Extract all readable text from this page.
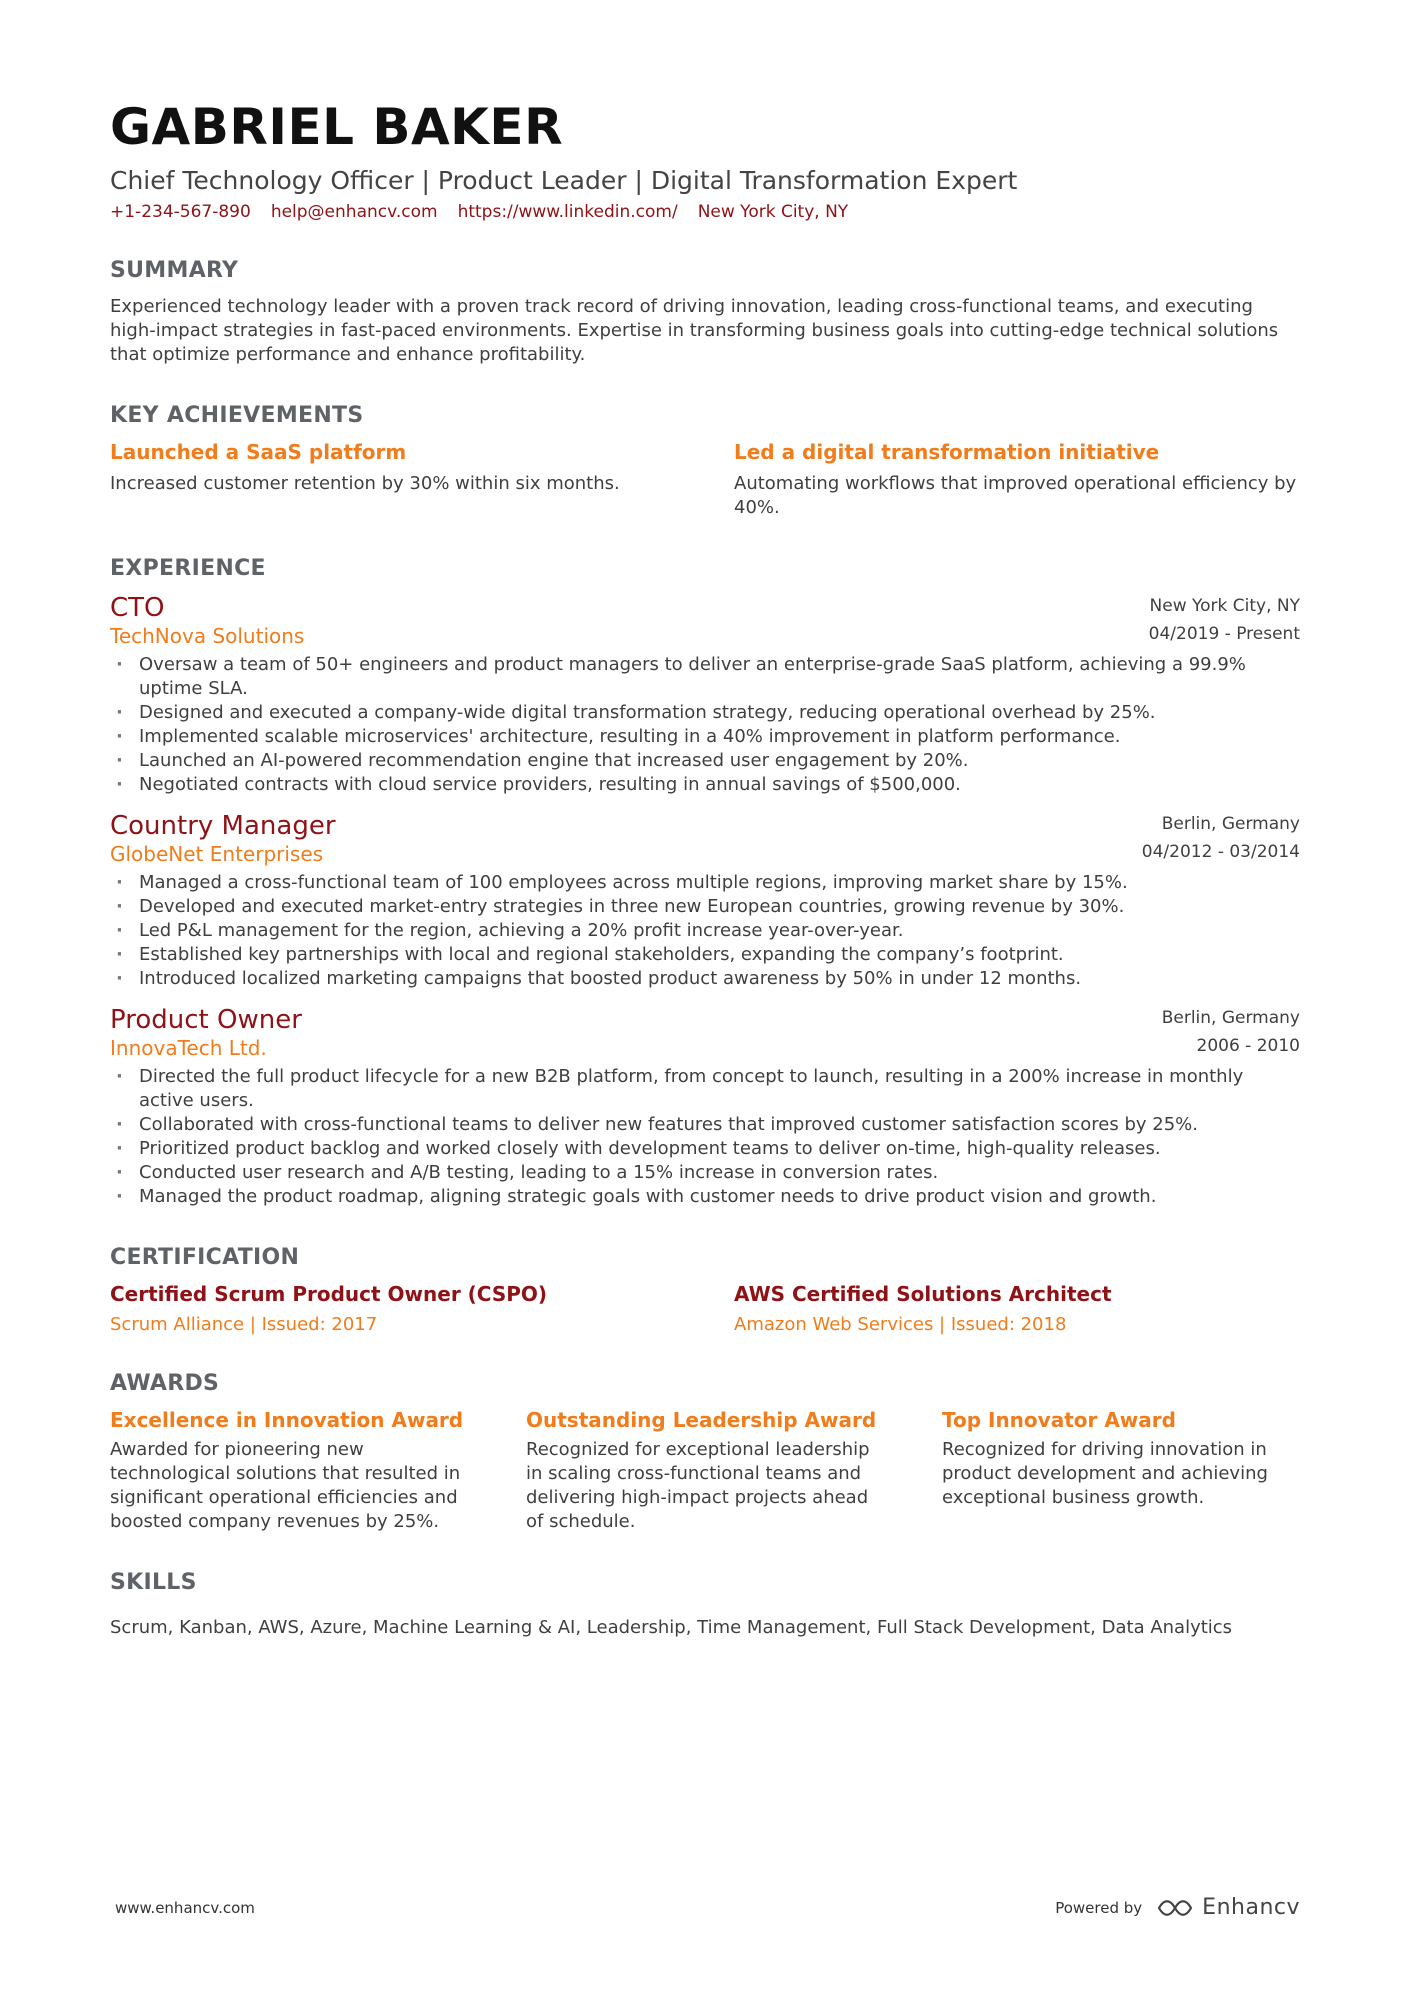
GABRIEL BAKER
Chief Technology Officer | Product Leader | Digital Transformation Expert
+1-234-567-890 help@enhancv.com https://www.linkedin.com/ New York City, NY
SUMMARY
Experienced technology leader with a proven track record of driving innovation, leading cross-functional teams, and executing high-impact strategies in fast-paced environments. Expertise in transforming business goals into cutting-edge technical solutions that optimize performance and enhance profitability.
KEY ACHIEVEMENTS
Launched a SaaS platform
Increased customer retention by 30% within six months.
Led a digital transformation initiative
Automating workflows that improved operational efficiency by 40%.
EXPERIENCE
CTO
TechNova Solutions
New York City, NY
04/2019 - Present
· Oversaw a team of 50+ engineers and product managers to deliver an enterprise-grade SaaS platform, achieving a 99.9% uptime SLA.
· Designed and executed a company-wide digital transformation strategy, reducing operational overhead by 25%.
· Implemented scalable microservices' architecture, resulting in a 40% improvement in platform performance.
· Launched an AI-powered recommendation engine that increased user engagement by 20%.
· Negotiated contracts with cloud service providers, resulting in annual savings of $500,000.
Country Manager
GlobeNet Enterprises
Berlin, Germany
04/2012 - 03/2014
· Managed a cross-functional team of 100 employees across multiple regions, improving market share by 15%.
· Developed and executed market-entry strategies in three new European countries, growing revenue by 30%.
· Led P&L management for the region, achieving a 20% profit increase year-over-year.
· Established key partnerships with local and regional stakeholders, expanding the company’s footprint.
· Introduced localized marketing campaigns that boosted product awareness by 50% in under 12 months.
Product Owner
InnovaTech Ltd.
Berlin, Germany
2006 - 2010
· Directed the full product lifecycle for a new B2B platform, from concept to launch, resulting in a 200% increase in monthly active users.
· Collaborated with cross-functional teams to deliver new features that improved customer satisfaction scores by 25%.
· Prioritized product backlog and worked closely with development teams to deliver on-time, high-quality releases.
· Conducted user research and A/B testing, leading to a 15% increase in conversion rates.
· Managed the product roadmap, aligning strategic goals with customer needs to drive product vision and growth.
CERTIFICATION
Certified Scrum Product Owner (CSPO)
Scrum Alliance | Issued: 2017
AWS Certified Solutions Architect
Amazon Web Services | Issued: 2018
AWARDS
Excellence in Innovation Award
Awarded for pioneering new technological solutions that resulted in significant operational efficiencies and boosted company revenues by 25%.
Outstanding Leadership Award
Recognized for exceptional leadership in scaling cross-functional teams and delivering high-impact projects ahead of schedule.
Top Innovator Award
Recognized for driving innovation in product development and achieving exceptional business growth.
SKILLS
Scrum, Kanban, AWS, Azure, Machine Learning & AI, Leadership, Time Management, Full Stack Development, Data Analytics
www.enhancv.com	Powered by	Enhancv
